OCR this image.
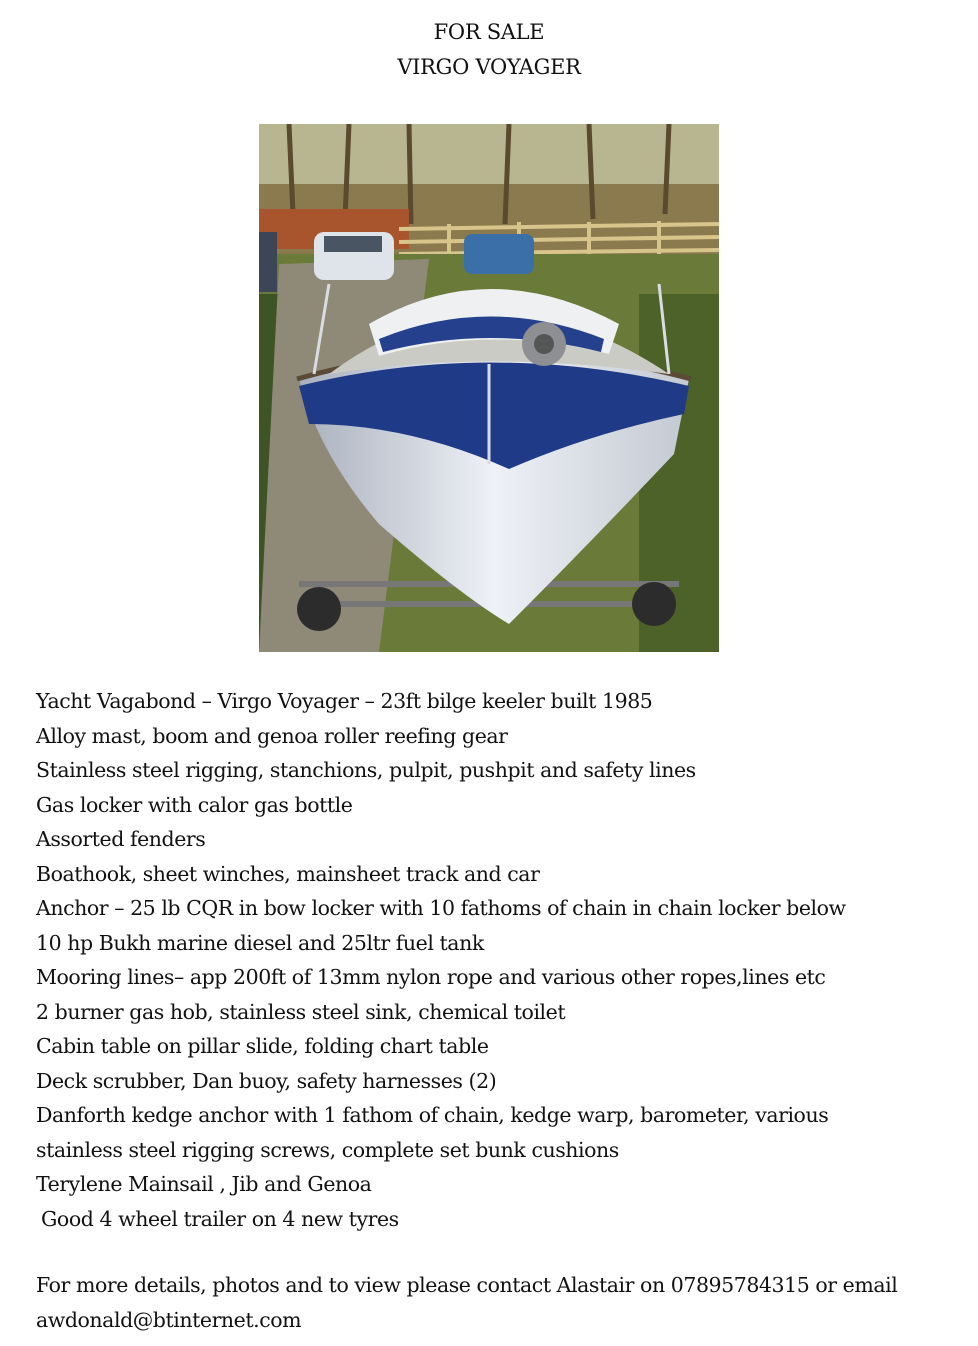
FOR SALE
VIRGO VOYAGER
Yacht Vagabond – Virgo Voyager – 23ft bilge keeler built 1985
Alloy mast, boom and genoa roller reefing gear
Stainless steel rigging, stanchions, pulpit, pushpit and safety lines
Gas locker with calor gas bottle
Assorted fenders
Boathook, sheet winches, mainsheet track and car
Anchor – 25 lb CQR in bow locker with 10 fathoms of chain in chain locker below
10 hp Bukh marine diesel and 25ltr fuel tank
Mooring lines– app 200ft of 13mm nylon rope and various other ropes,lines etc
2 burner gas hob, stainless steel sink, chemical toilet
Cabin table on pillar slide, folding chart table
Deck scrubber, Dan buoy, safety harnesses (2)
Danforth kedge anchor with 1 fathom of chain, kedge warp, barometer, various stainless steel rigging screws, complete set bunk cushions
Terylene Mainsail , Jib and Genoa
Good 4 wheel trailer on 4 new tyres
For more details, photos and to view please contact Alastair on 07895784315 or email awdonald@btinternet.com
